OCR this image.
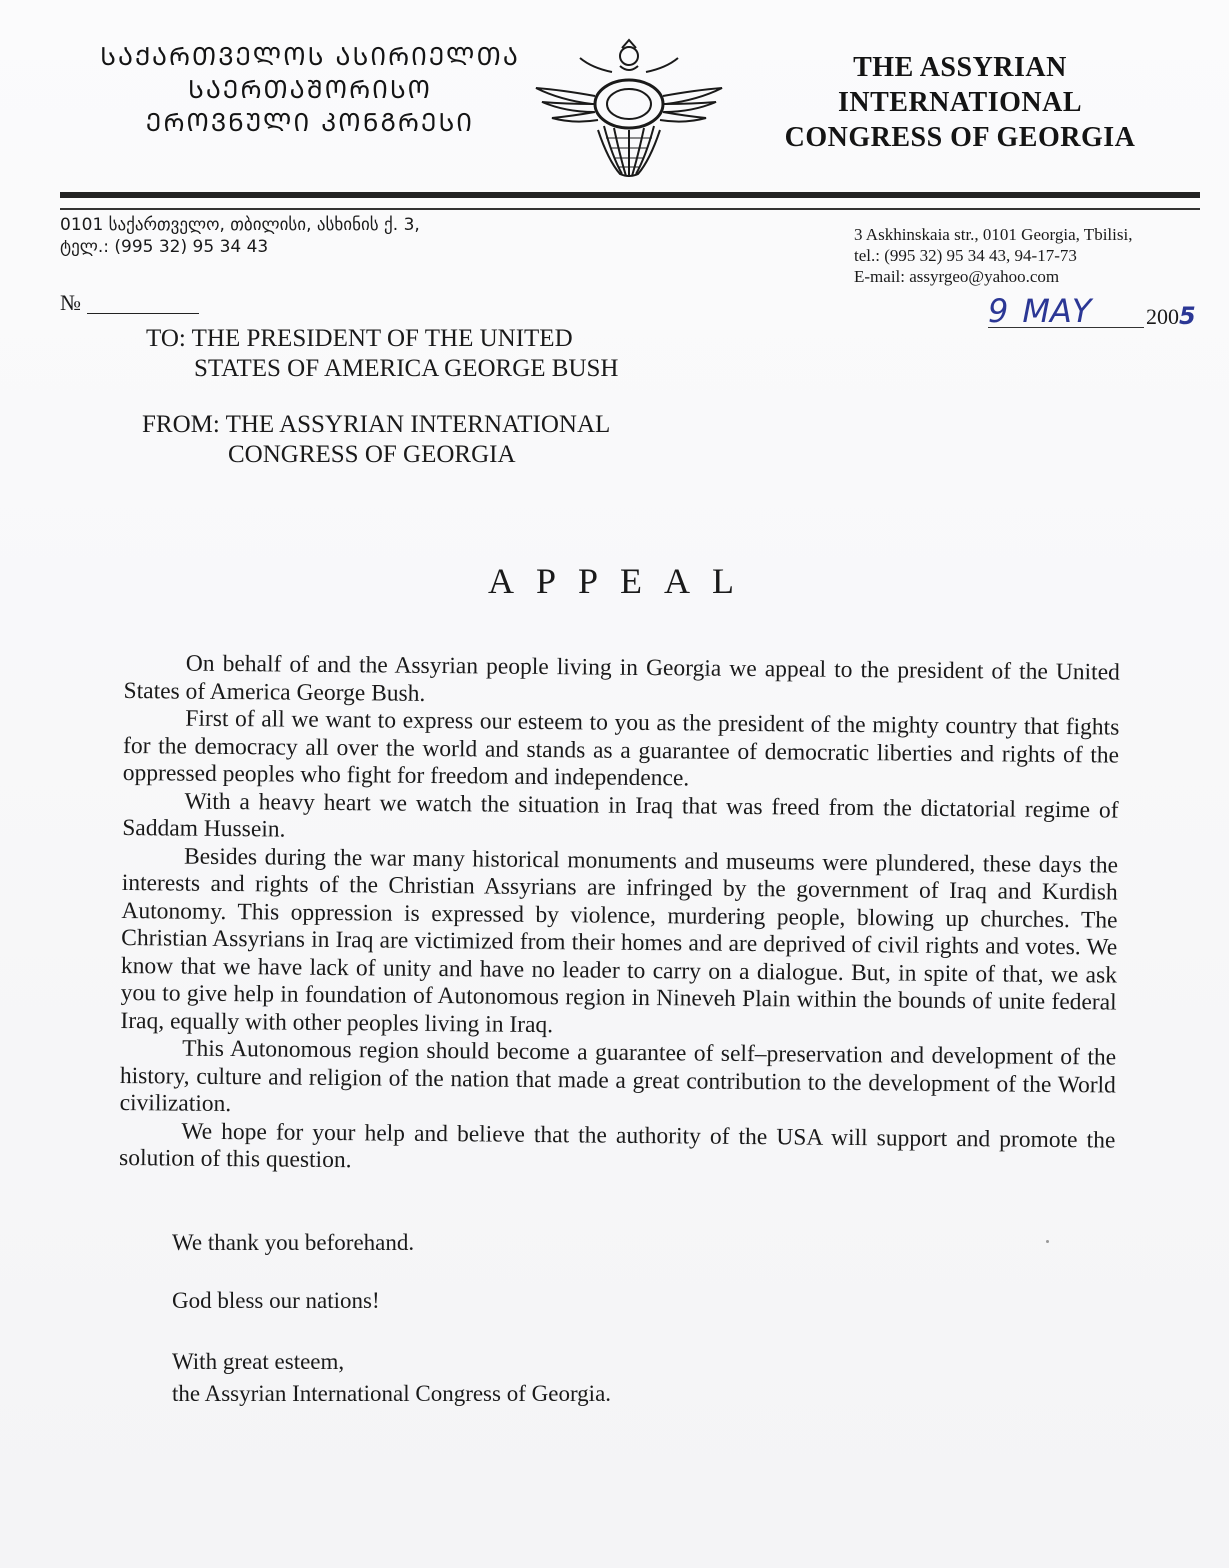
ᲡᲐᲥᲐᲠᲗᲕᲔᲚᲝᲡ ᲐᲡᲘᲠᲘᲔᲚᲗᲐ
ᲡᲐᲔᲠᲗᲐᲨᲝᲠᲘᲡᲝ
ᲔᲠᲝᲕᲜᲣᲚᲘ ᲙᲝᲜᲒᲠᲔᲡᲘ
THE ASSYRIAN
INTERNATIONAL
CONGRESS OF GEORGIA
0101 საქართველო, თბილისი, ასხინის ქ. 3,
ტელ.: (995 32) 95 34 43
3 Askhinskaia str., 0101 Georgia, Tbilisi,
tel.: (995 32) 95 34 43, 94-17-73
E-mail: assyrgeo@yahoo.com
№	9 MAY 2005
TO: THE PRESIDENT OF THE UNITED
STATES OF AMERICA GEORGE BUSH
FROM: THE ASSYRIAN INTERNATIONAL
CONGRESS OF GEORGIA
APPEAL

On behalf of and the Assyrian people living in Georgia we appeal to the president of the United States of America George Bush.

First of all we want to express our esteem to you as the president of the mighty country that fights for the democracy all over the world and stands as a guarantee of democratic liberties and rights of the oppressed peoples who fight for freedom and independence.

With a heavy heart we watch the situation in Iraq that was freed from the dictatorial regime of Saddam Hussein.

Besides during the war many historical monuments and museums were plundered, these days the interests and rights of the Christian Assyrians are infringed by the government of Iraq and Kurdish Autonomy. This oppression is expressed by violence, murdering people, blowing up churches. The Christian Assyrians in Iraq are victimized from their homes and are deprived of civil rights and votes. We know that we have lack of unity and have no leader to carry on a dialogue. But, in spite of that, we ask you to give help in foundation of Autonomous region in Nineveh Plain within the bounds of unite federal Iraq, equally with other peoples living in Iraq.

This Autonomous region should become a guarantee of self–preservation and development of the history, culture and religion of the nation that made a great contribution to the development of the World civilization.

We hope for your help and believe that the authority of the USA will support and promote the solution of this question.

We thank you beforehand.
God bless our nations!
With great esteem,
the Assyrian International Congress of Georgia.
